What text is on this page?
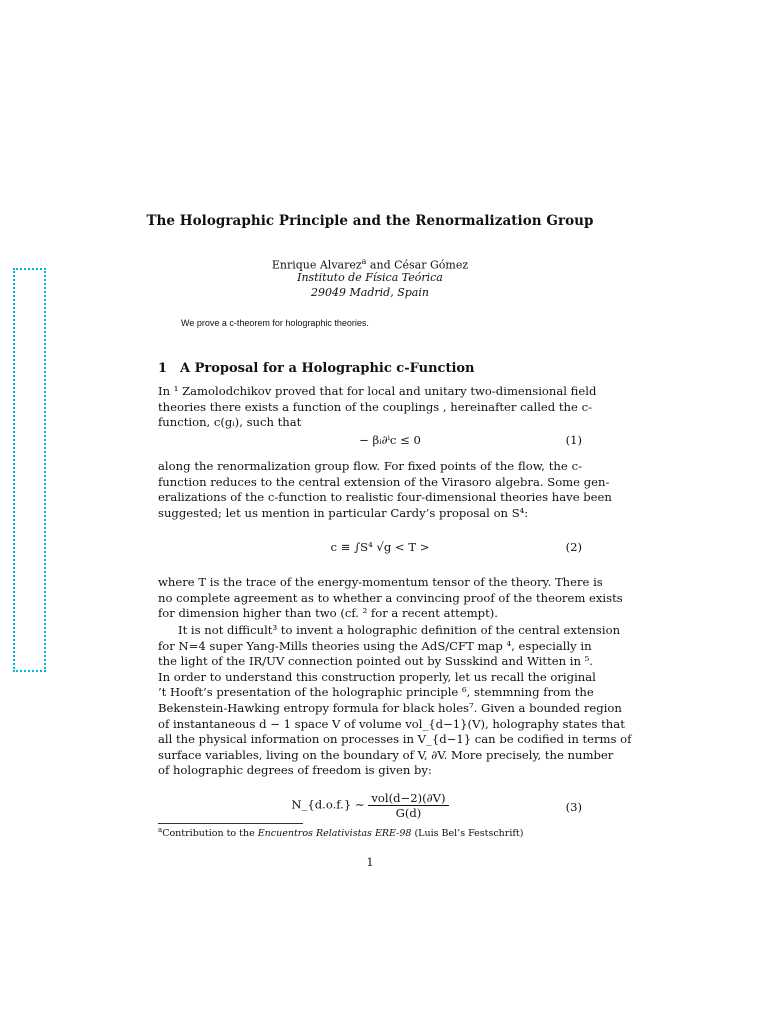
The Holographic Principle and the Renormalization Group
Enrique Alvarez$^a$ and César Gómez
Instituto de Física Teórica
29049 Madrid, Spain
We prove a c-theorem for holographic theories.
1 A Proposal for a Holographic c-Function
In ¹ Zamolodchikov proved that for local and unitary two-dimensional field
theories there exists a function of the couplings , hereinafter called the c-
function, c(gᵢ), such that
− βᵢ∂ⁱc ≤ 0	(1)
along the renormalization group flow. For fixed points of the flow, the c-
function reduces to the central extension of the Virasoro algebra. Some gen-
eralizations of the c-function to realistic four-dimensional theories have been
suggested; let us mention in particular Cardy’s proposal on S⁴:
c ≡ ∫S⁴ √g < T >	(2)
where T is the trace of the energy-momentum tensor of the theory. There is
no complete agreement as to whether a convincing proof of the theorem exists
for dimension higher than two (cf. ² for a recent attempt).
It is not difficult³ to invent a holographic definition of the central extension
for N=4 super Yang-Mills theories using the AdS/CFT map ⁴, especially in
the light of the IR/UV connection pointed out by Susskind and Witten in ⁵.
In order to understand this construction properly, let us recall the original
’t Hooft’s presentation of the holographic principle ⁶, stemmning from the
Bekenstein-Hawking entropy formula for black holes⁷. Given a bounded region
of instantaneous d − 1 space V of volume vol_{d−1}(V), holography states that
all the physical information on processes in V_{d−1} can be codified in terms of
surface variables, living on the boundary of V, ∂V. More precisely, the number
of holographic degrees of freedom is given by:
N_{d.o.f.} ∼ $\frac{\text{vol(d−2)(∂V)}}{G(d)}$	(3)
$^a$Contribution to the Encuentros Relativistas ERE-98 (Luis Bel’s Festschrift)
1
